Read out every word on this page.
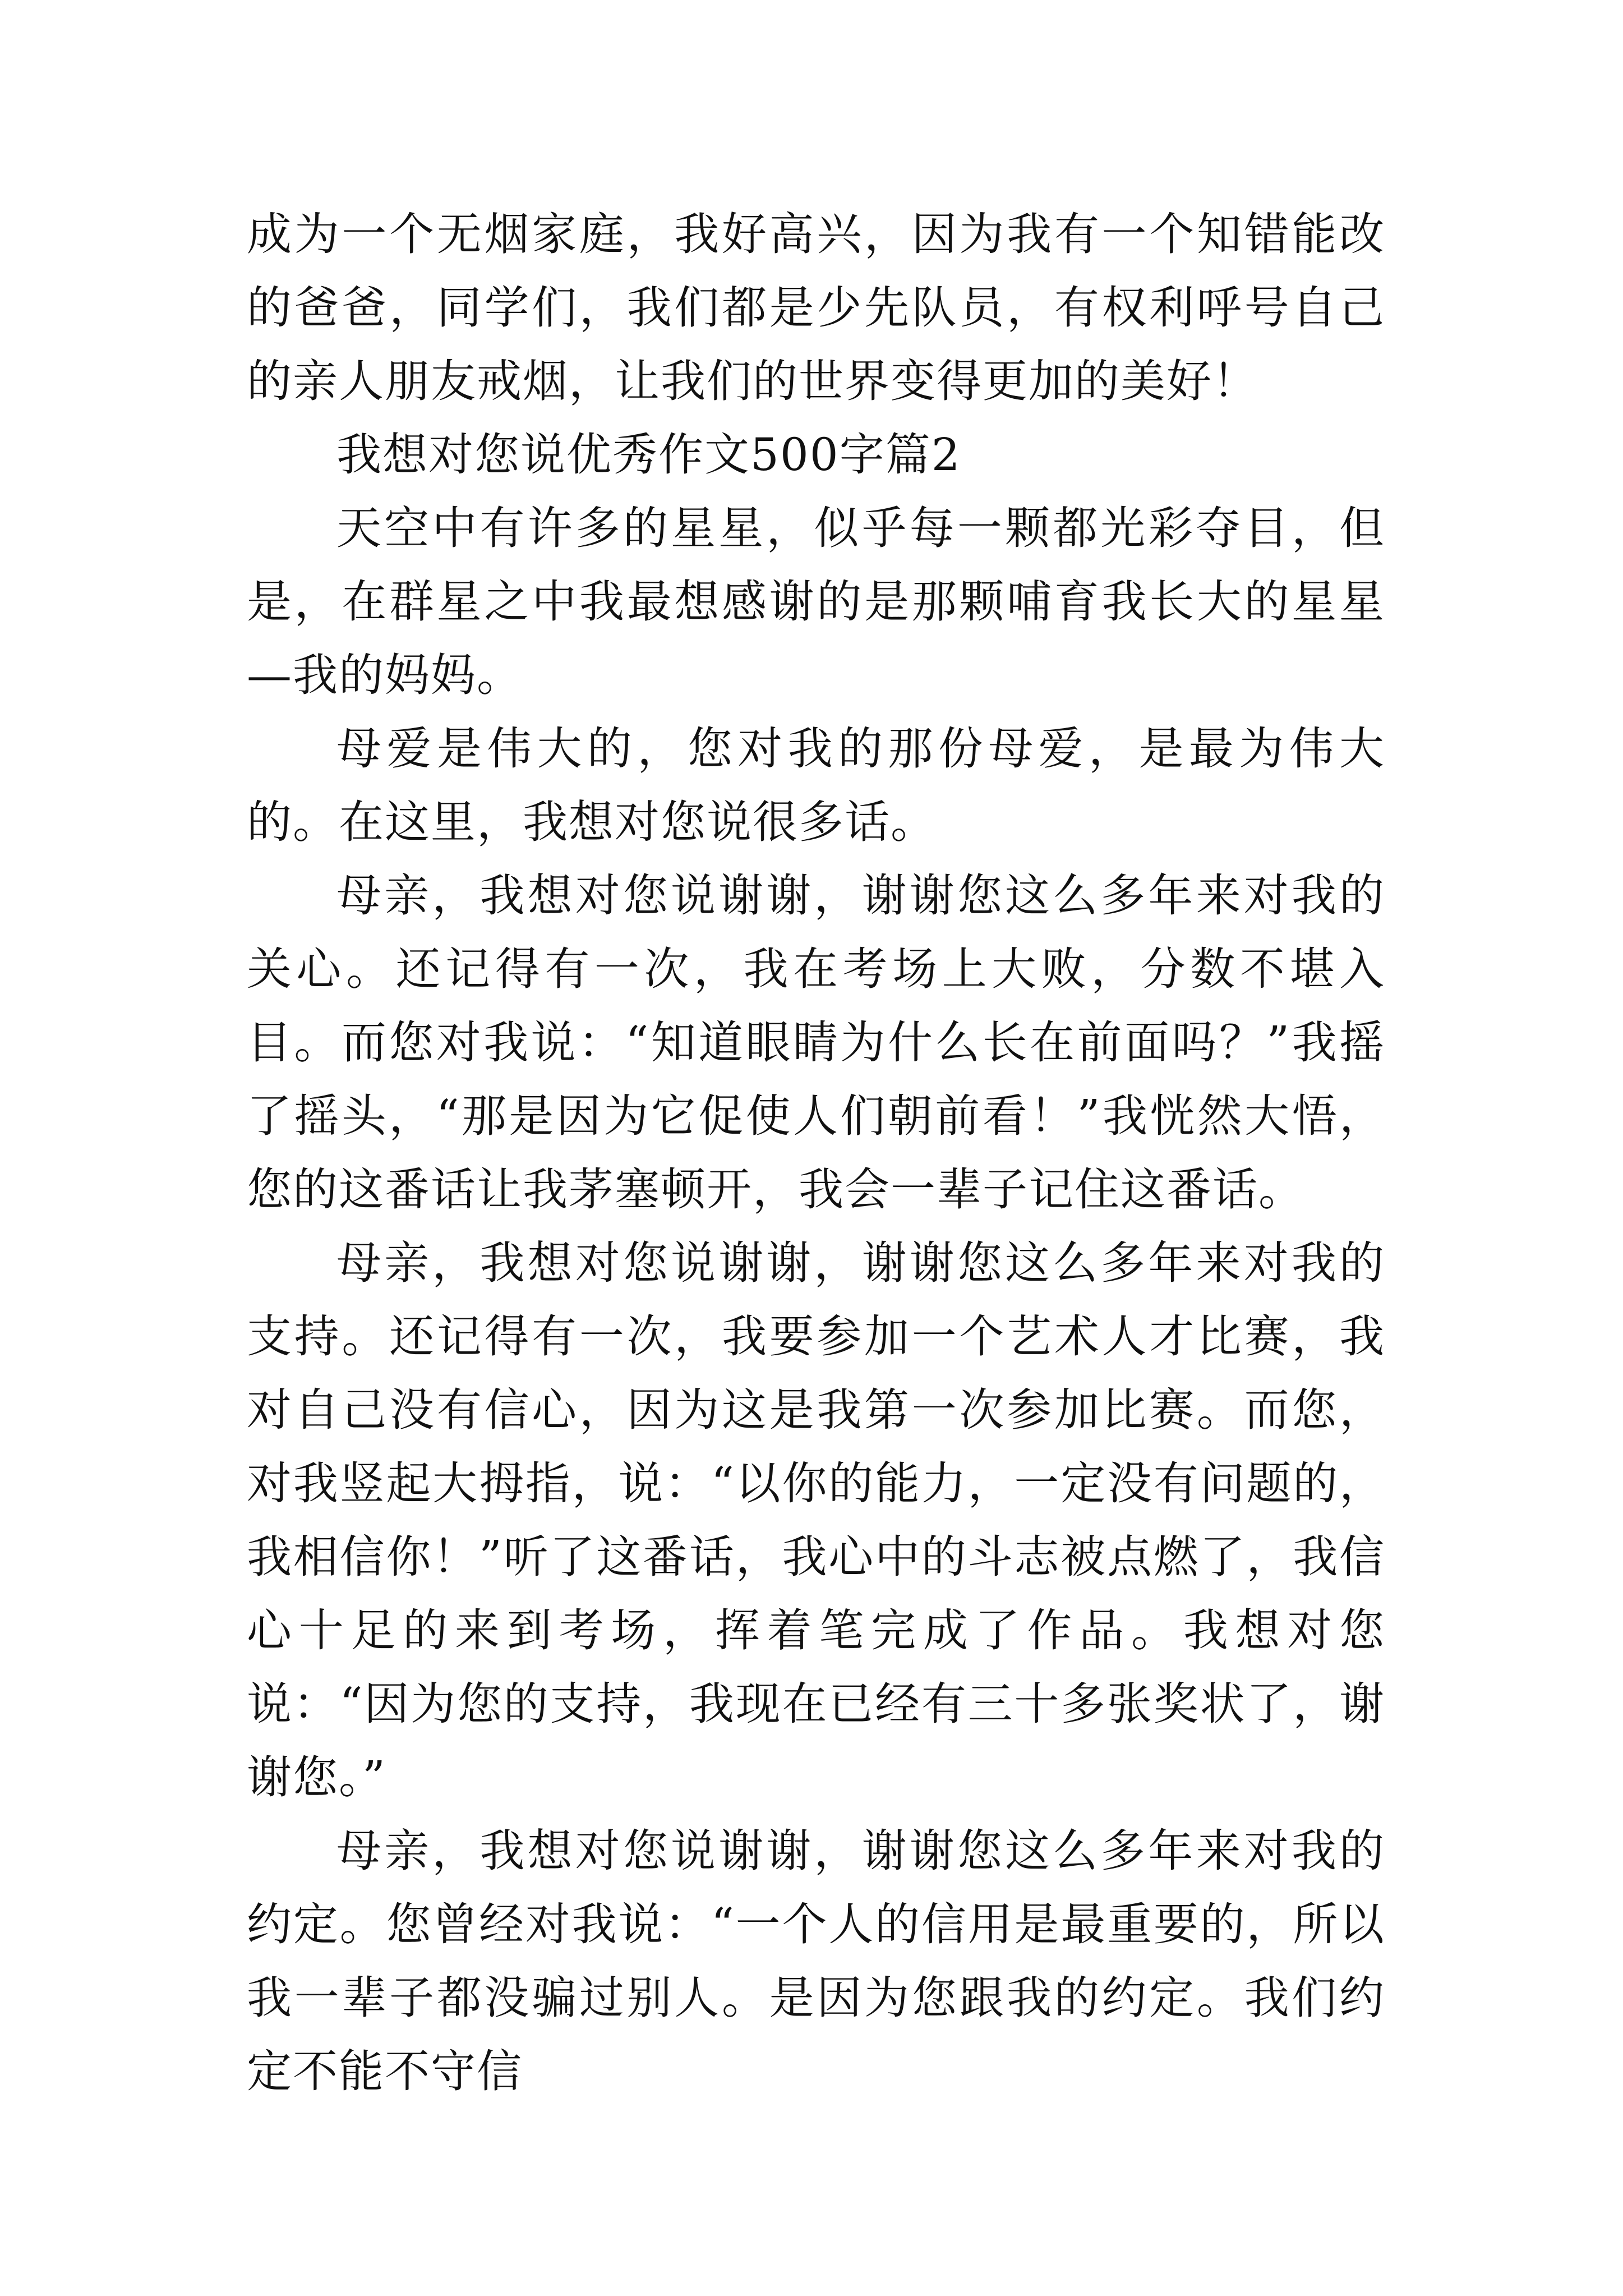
成为一个无烟家庭，我好高兴，因为我有一个知错能改的爸爸，同学们，我们都是少先队员，有权利呼号自己的亲人朋友戒烟，让我们的世界变得更加的美好！

我想对您说优秀作文500字篇2

天空中有许多的星星，似乎每一颗都光彩夺目，但是，在群星之中我最想感谢的是那颗哺育我长大的星星—我的妈妈。

母爱是伟大的，您对我的那份母爱，是最为伟大的。在这里，我想对您说很多话。

母亲，我想对您说谢谢，谢谢您这么多年来对我的关心。还记得有一次，我在考场上大败，分数不堪入目。而您对我说：“知道眼睛为什么长在前面吗？”我摇了摇头，“那是因为它促使人们朝前看！”我恍然大悟，您的这番话让我茅塞顿开，我会一辈子记住这番话。

母亲，我想对您说谢谢，谢谢您这么多年来对我的支持。还记得有一次，我要参加一个艺术人才比赛，我对自己没有信心，因为这是我第一次参加比赛。而您，对我竖起大拇指，说：“以你的能力，一定没有问题的，我相信你！”听了这番话，我心中的斗志被点燃了，我信心十足的来到考场，挥着笔完成了作品。我想对您说：“因为您的支持，我现在已经有三十多张奖状了，谢谢您。”

母亲，我想对您说谢谢，谢谢您这么多年来对我的约定。您曾经对我说：“一个人的信用是最重要的，所以我一辈子都没骗过别人。是因为您跟我的约定。我们约定不能不守信
